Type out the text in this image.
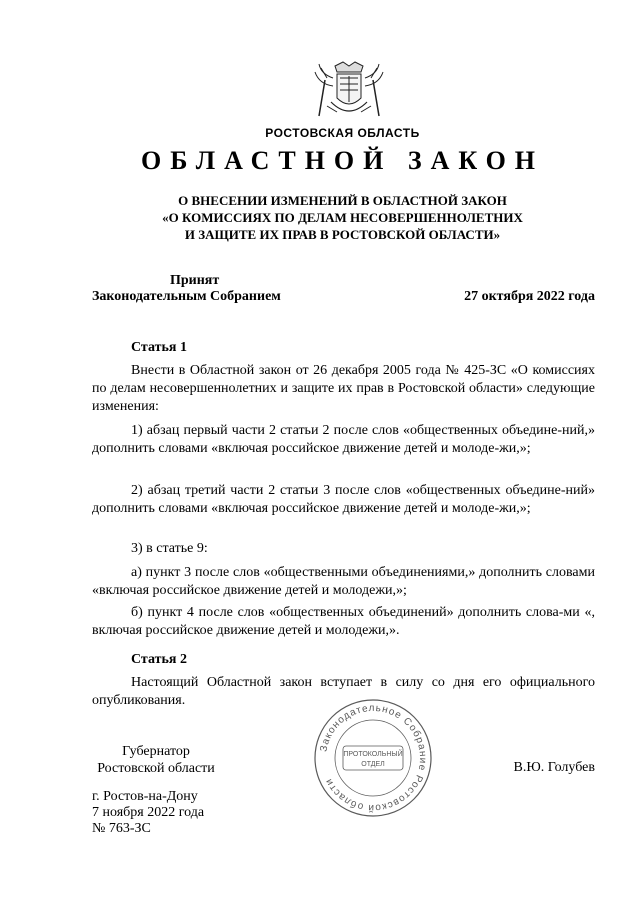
РОСТОВСКАЯ ОБЛАСТЬ
ОБЛАСТНОЙ ЗАКОН
О ВНЕСЕНИИ ИЗМЕНЕНИЙ В ОБЛАСТНОЙ ЗАКОН
«О КОМИССИЯХ ПО ДЕЛАМ НЕСОВЕРШЕННОЛЕТНИХ
И ЗАЩИТЕ ИХ ПРАВ В РОСТОВСКОЙ ОБЛАСТИ»
Принят
Законодательным Собранием	27 октября 2022 года
Статья 1
Внести в Областной закон от 26 декабря 2005 года № 425-ЗС «О комиссиях по делам несовершеннолетних и защите их прав в Ростовской области» следующие изменения:
1) абзац первый части 2 статьи 2 после слов «общественных объедине-ний,» дополнить словами «включая российское движение детей и молоде-жи,»;
2) абзац третий части 2 статьи 3 после слов «общественных объедине-ний» дополнить словами «включая российское движение детей и молоде-жи,»;
3) в статье 9:
а) пункт 3 после слов «общественными объединениями,» дополнить словами «включая российское движение детей и молодежи,»;
б) пункт 4 после слов «общественных объединений» дополнить слова-ми «, включая российское движение детей и молодежи,».
Статья 2
Настоящий Областной закон вступает в силу со дня его официального опубликования.
Губернатор
Ростовской области	В.Ю. Голубев
г. Ростов-на-Дону
7 ноября 2022 года
№ 763-ЗС
Законодательное Собрание Ростовской области
ПРОТОКОЛЬНЫЙ
ОТДЕЛ
